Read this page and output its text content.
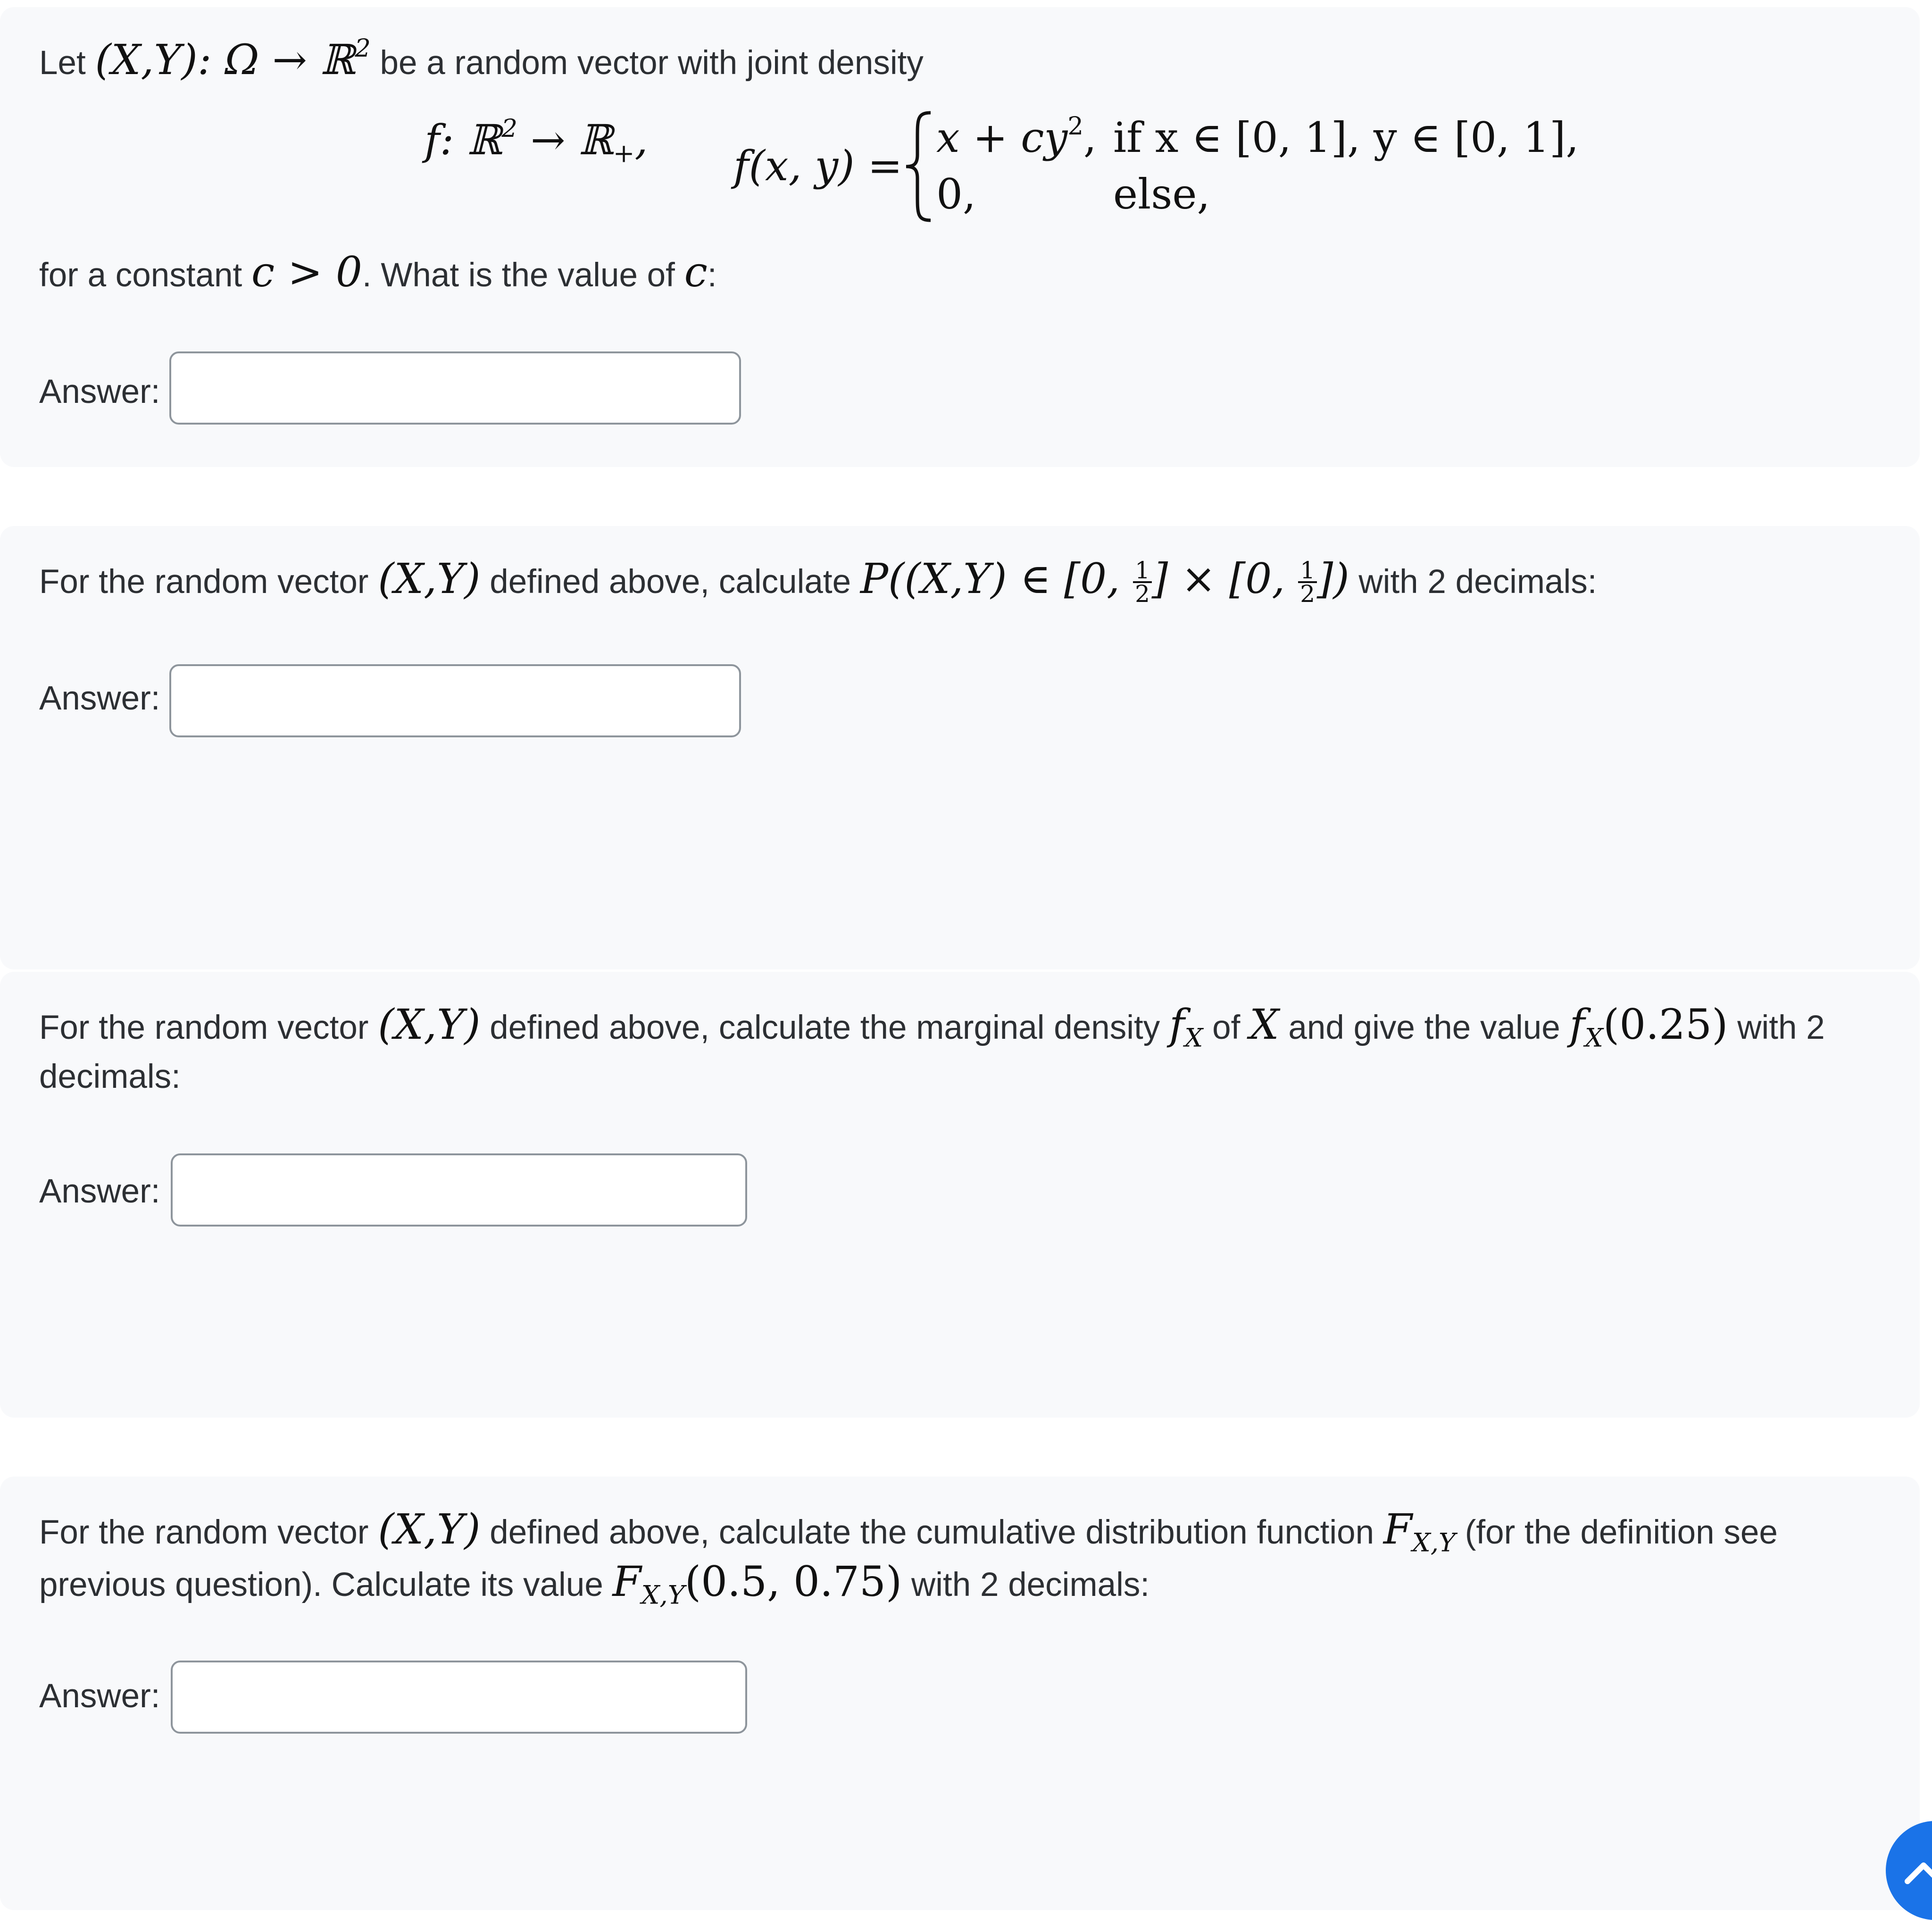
Let (X,Y): Ω → ℝ$^2$ be a random vector with joint density
f: ℝ$^2$ → ℝ$_+$,
f(x, y) =
$x + cy^2$, if x ∈ [0, 1], y ∈ [0, 1],
0,	else,
for a constant c > 0. What is the value of c:
Answer:
For the random vector (X,Y) defined above, calculate P((X,Y) ∈ [0, $\frac{1}{2}$ ] × [0, $\frac{1}{2}$ ]) with 2 decimals:
Answer:
For the random vector (X,Y) defined above, calculate the marginal density $f_X$ of X and give the value $f_X(0.25)$ with 2
decimals:
Answer:
For the random vector (X,Y) defined above, calculate the cumulative distribution function $F_{X,Y}$ (for the definition see
previous question). Calculate its value $F_{X,Y}(0.5$, 0.75) with 2 decimals:
Answer:
